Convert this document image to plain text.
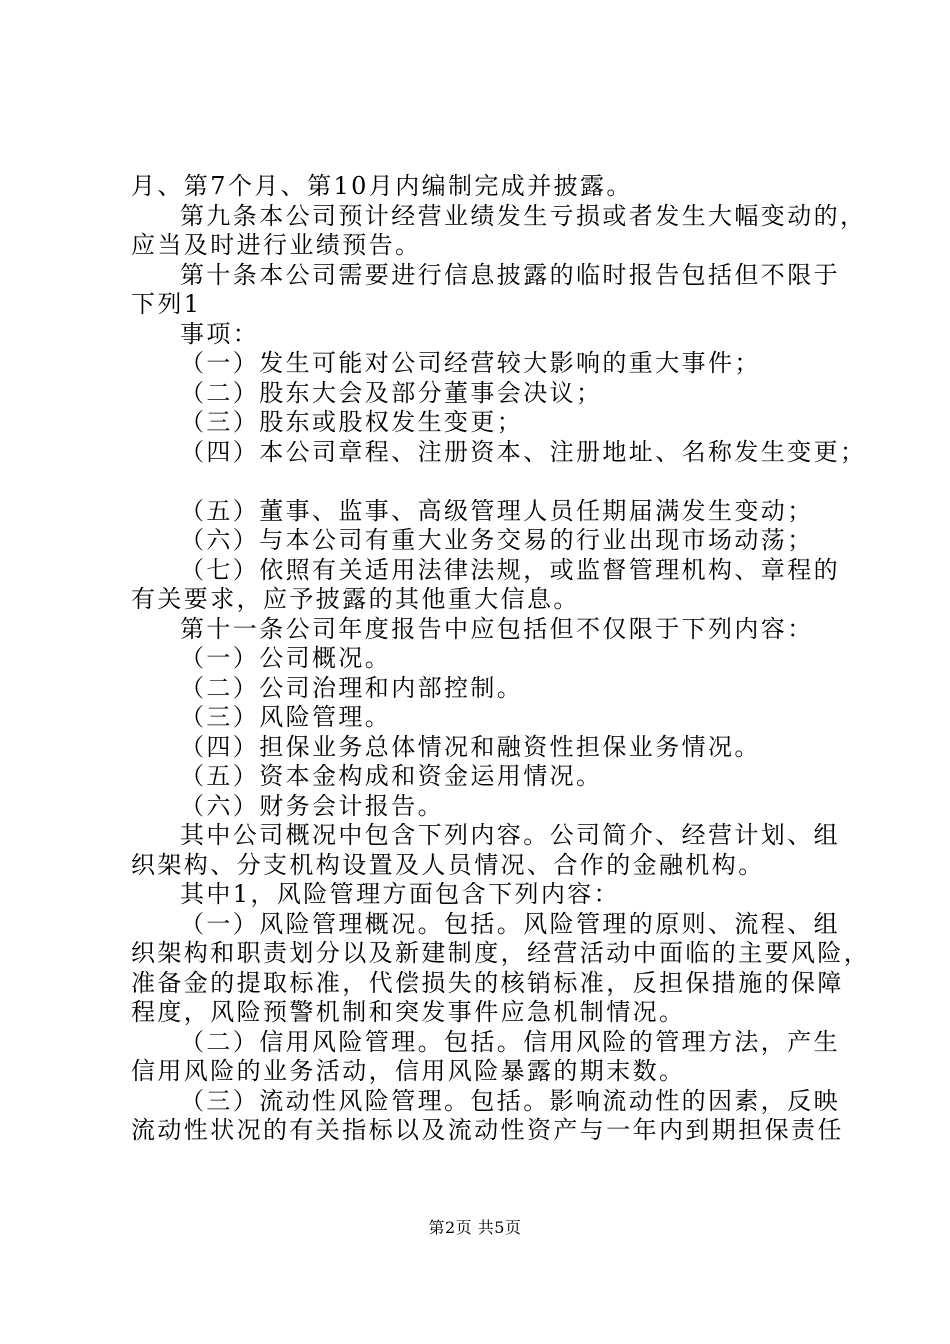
月、第7个月、第10月内编制完成并披露。
第九条本公司预计经营业绩发生亏损或者发生大幅变动的，
应当及时进行业绩预告。
第十条本公司需要进行信息披露的临时报告包括但不限于
下列1
事项：
（一）发生可能对公司经营较大影响的重大事件；
（二）股东大会及部分董事会决议；
（三）股东或股权发生变更；
（四）本公司章程、注册资本、注册地址、名称发生变更；
（五）董事、监事、高级管理人员任期届满发生变动；
（六）与本公司有重大业务交易的行业出现市场动荡；
（七）依照有关适用法律法规，或监督管理机构、章程的
有关要求，应予披露的其他重大信息。
第十一条公司年度报告中应包括但不仅限于下列内容：
（一）公司概况。
（二）公司治理和内部控制。
（三）风险管理。
（四）担保业务总体情况和融资性担保业务情况。
（五）资本金构成和资金运用情况。
（六）财务会计报告。
其中公司概况中包含下列内容。公司简介、经营计划、组
织架构、分支机构设置及人员情况、合作的金融机构。
其中1，风险管理方面包含下列内容：
（一）风险管理概况。包括。风险管理的原则、流程、组
织架构和职责划分以及新建制度，经营活动中面临的主要风险，
准备金的提取标准，代偿损失的核销标准，反担保措施的保障
程度，风险预警机制和突发事件应急机制情况。
（二）信用风险管理。包括。信用风险的管理方法，产生
信用风险的业务活动，信用风险暴露的期末数。
（三）流动性风险管理。包括。影响流动性的因素，反映
流动性状况的有关指标以及流动性资产与一年内到期担保责任
第2页 共5页
